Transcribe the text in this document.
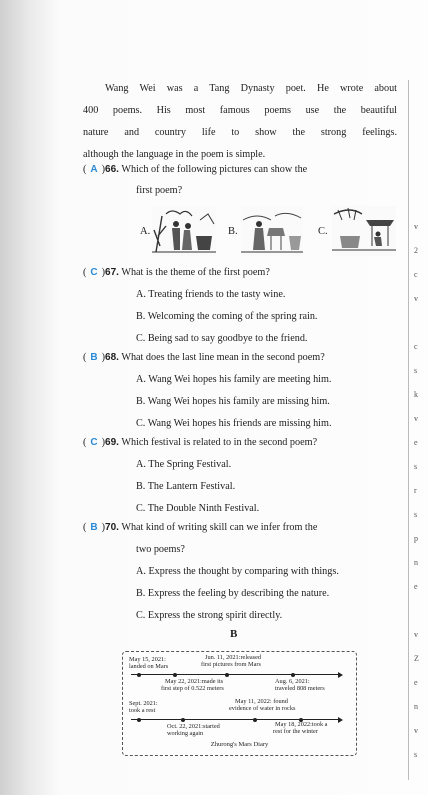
Wang Wei was a Tang Dynasty poet. He wrote about
400 poems. His most famous poems use the beautiful
nature and country life to show the strong feelings.
although the language in the poem is simple.
( A )66. Which of the following pictures can show the
first poem?
A.	B.	C.
( C )67. What is the theme of the first poem?
A. Treating friends to the tasty wine.
B. Welcoming the coming of the spring rain.
C. Being sad to say goodbye to the friend.
( B )68. What does the last line mean in the second poem?
A. Wang Wei hopes his family are meeting him.
B. Wang Wei hopes his family are missing him.
C. Wang Wei hopes his friends are missing him.
( C )69. Which festival is related to in the second poem?
A. The Spring Festival.
B. The Lantern Festival.
C. The Double Ninth Festival.
( B )70. What kind of writing skill can we infer from the
two poems?
A. Express the thought by comparing with things.
B. Express the feeling by describing the nature.
C. Express the strong spirit directly.
B
May 15, 2021:
landed on Mars
Jun. 11, 2021:released
first pictures from Mars
May 22, 2021:made its
first step of 0.522 meters
Aug. 6, 2021:
traveled 808 meters
Sept. 2021:
took a rest
May 11, 2022: found
evidence of water in rocks
Oct. 22, 2021:started
working again
May 18, 2022:took a
rest for the winter
Zhurong's Mars Diary
v
2
c
v
c
s
k
v
e
s
r
s
p
n
e
v
Z
e
n
v
s
